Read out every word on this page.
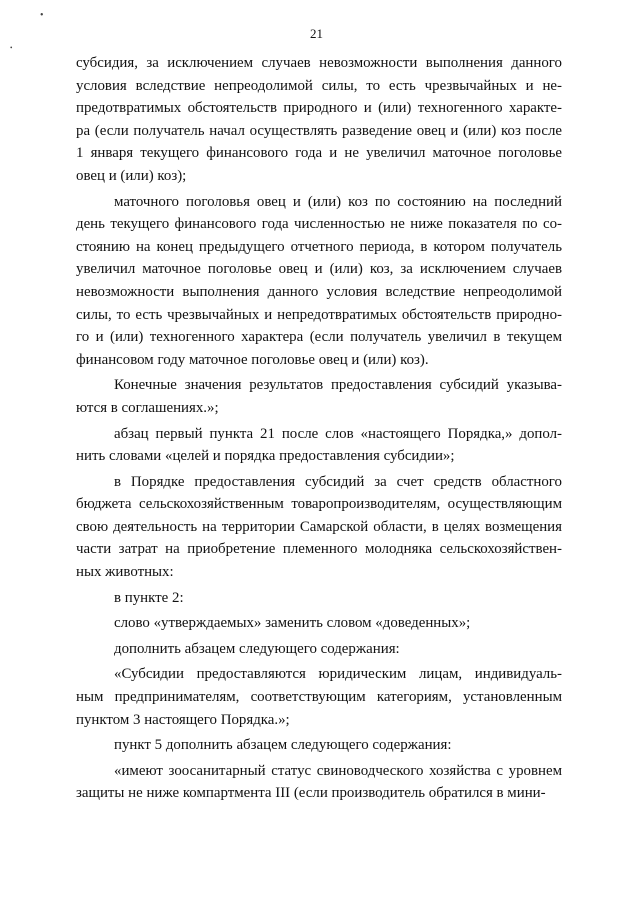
•
•
21
субсидия, за исключением случаев невозможности выполнения данного
условия вследствие непреодолимой силы, то есть чрезвычайных и не-
предотвратимых обстоятельств природного и (или) техногенного характе-
ра (если получатель начал осуществлять разведение овец и (или) коз после
1 января текущего финансового года и не увеличил маточное поголовье
овец и (или) коз);
маточного поголовья овец и (или) коз по состоянию на последний
день текущего финансового года численностью не ниже показателя по со-
стоянию на конец предыдущего отчетного периода, в котором получатель
увеличил маточное поголовье овец и (или) коз, за исключением случаев
невозможности выполнения данного условия вследствие непреодолимой
силы, то есть чрезвычайных и непредотвратимых обстоятельств природно-
го и (или) техногенного характера (если получатель увеличил в текущем
финансовом году маточное поголовье овец и (или) коз).
Конечные значения результатов предоставления субсидий указыва-
ются в соглашениях.»;
абзац первый пункта 21 после слов «настоящего Порядка,» допол-
нить словами «целей и порядка предоставления субсидии»;
в Порядке предоставления субсидий за счет средств областного
бюджета сельскохозяйственным товаропроизводителям, осуществляющим
свою деятельность на территории Самарской области, в целях возмещения
части затрат на приобретение племенного молодняка сельскохозяйствен-
ных животных:
в пункте 2:
слово «утверждаемых» заменить словом «доведенных»;
дополнить абзацем следующего содержания:
«Субсидии предоставляются юридическим лицам, индивидуаль-
ным предпринимателям, соответствующим категориям, установленным
пунктом 3 настоящего Порядка.»;
пункт 5 дополнить абзацем следующего содержания:
«имеют зоосанитарный статус свиноводческого хозяйства с уровнем
защиты не ниже компартмента III (если производитель обратился в мини-
